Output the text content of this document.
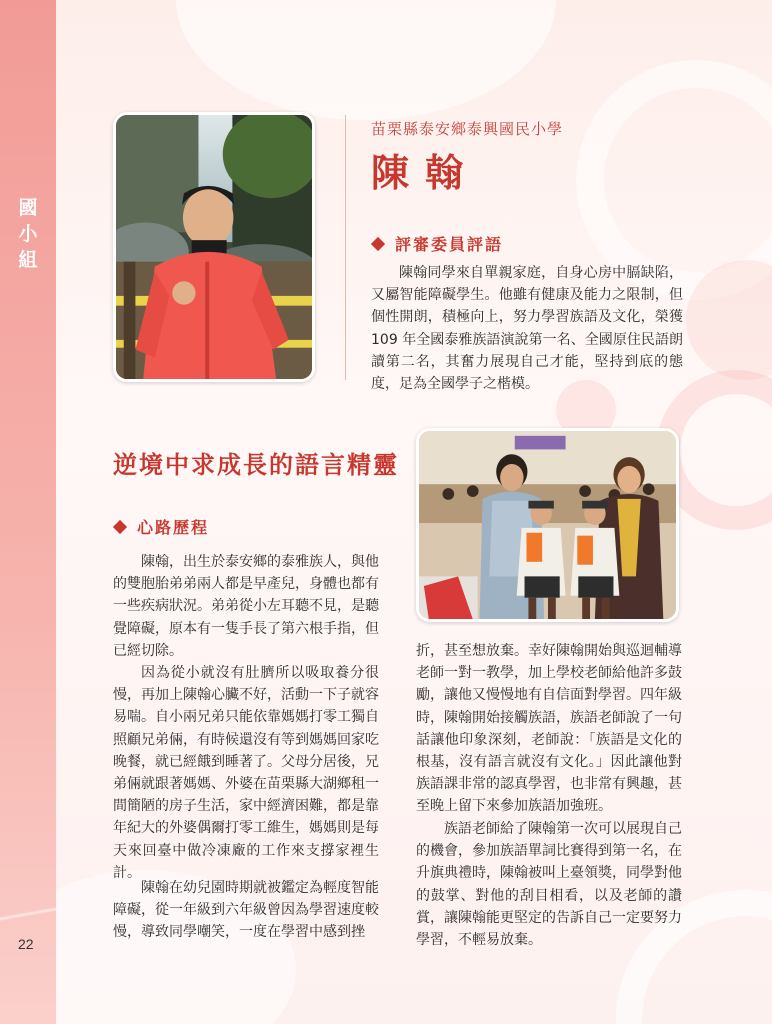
國小組
22
苗栗縣泰安鄉泰興國民小學
陳翰
評審委員評語

陳翰同學來自單親家庭，自身心房中膈缺陷，又屬智能障礙學生。他雖有健康及能力之限制，但個性開朗，積極向上，努力學習族語及文化，榮獲 109 年全國泰雅族語演說第一名、全國原住民語朗讀第二名，其奮力展現自己才能，堅持到底的態度，足為全國學子之楷模。

逆境中求成長的語言精靈
心路歷程

陳翰，出生於泰安鄉的泰雅族人，與他的雙胞胎弟弟兩人都是早產兒，身體也都有一些疾病狀況。弟弟從小左耳聽不見，是聽覺障礙，原本有一隻手長了第六根手指，但已經切除。

因為從小就沒有肚臍所以吸取養分很慢，再加上陳翰心臟不好，活動一下子就容易喘。自小兩兄弟只能依靠媽媽打零工獨自照顧兄弟倆，有時候還沒有等到媽媽回家吃晚餐，就已經餓到睡著了。父母分居後，兄弟倆就跟著媽媽、外婆在苗栗縣大湖鄉租一間簡陋的房子生活，家中經濟困難，都是靠年紀大的外婆偶爾打零工維生，媽媽則是每天來回臺中做冷凍廠的工作來支撐家裡生計。

陳翰在幼兒園時期就被鑑定為輕度智能障礙，從一年級到六年級曾因為學習速度較慢，導致同學嘲笑，一度在學習中感到挫

折，甚至想放棄。幸好陳翰開始與巡迴輔導老師一對一教學，加上學校老師給他許多鼓勵，讓他又慢慢地有自信面對學習。四年級時，陳翰開始接觸族語，族語老師說了一句話讓他印象深刻，老師說：「族語是文化的根基，沒有語言就沒有文化。」因此讓他對族語課非常的認真學習，也非常有興趣，甚至晚上留下來參加族語加強班。

族語老師給了陳翰第一次可以展現自己的機會，參加族語單詞比賽得到第一名，在升旗典禮時，陳翰被叫上臺領獎，同學對他的鼓掌、對他的刮目相看，以及老師的讚賞，讓陳翰能更堅定的告訴自己一定要努力學習，不輕易放棄。
